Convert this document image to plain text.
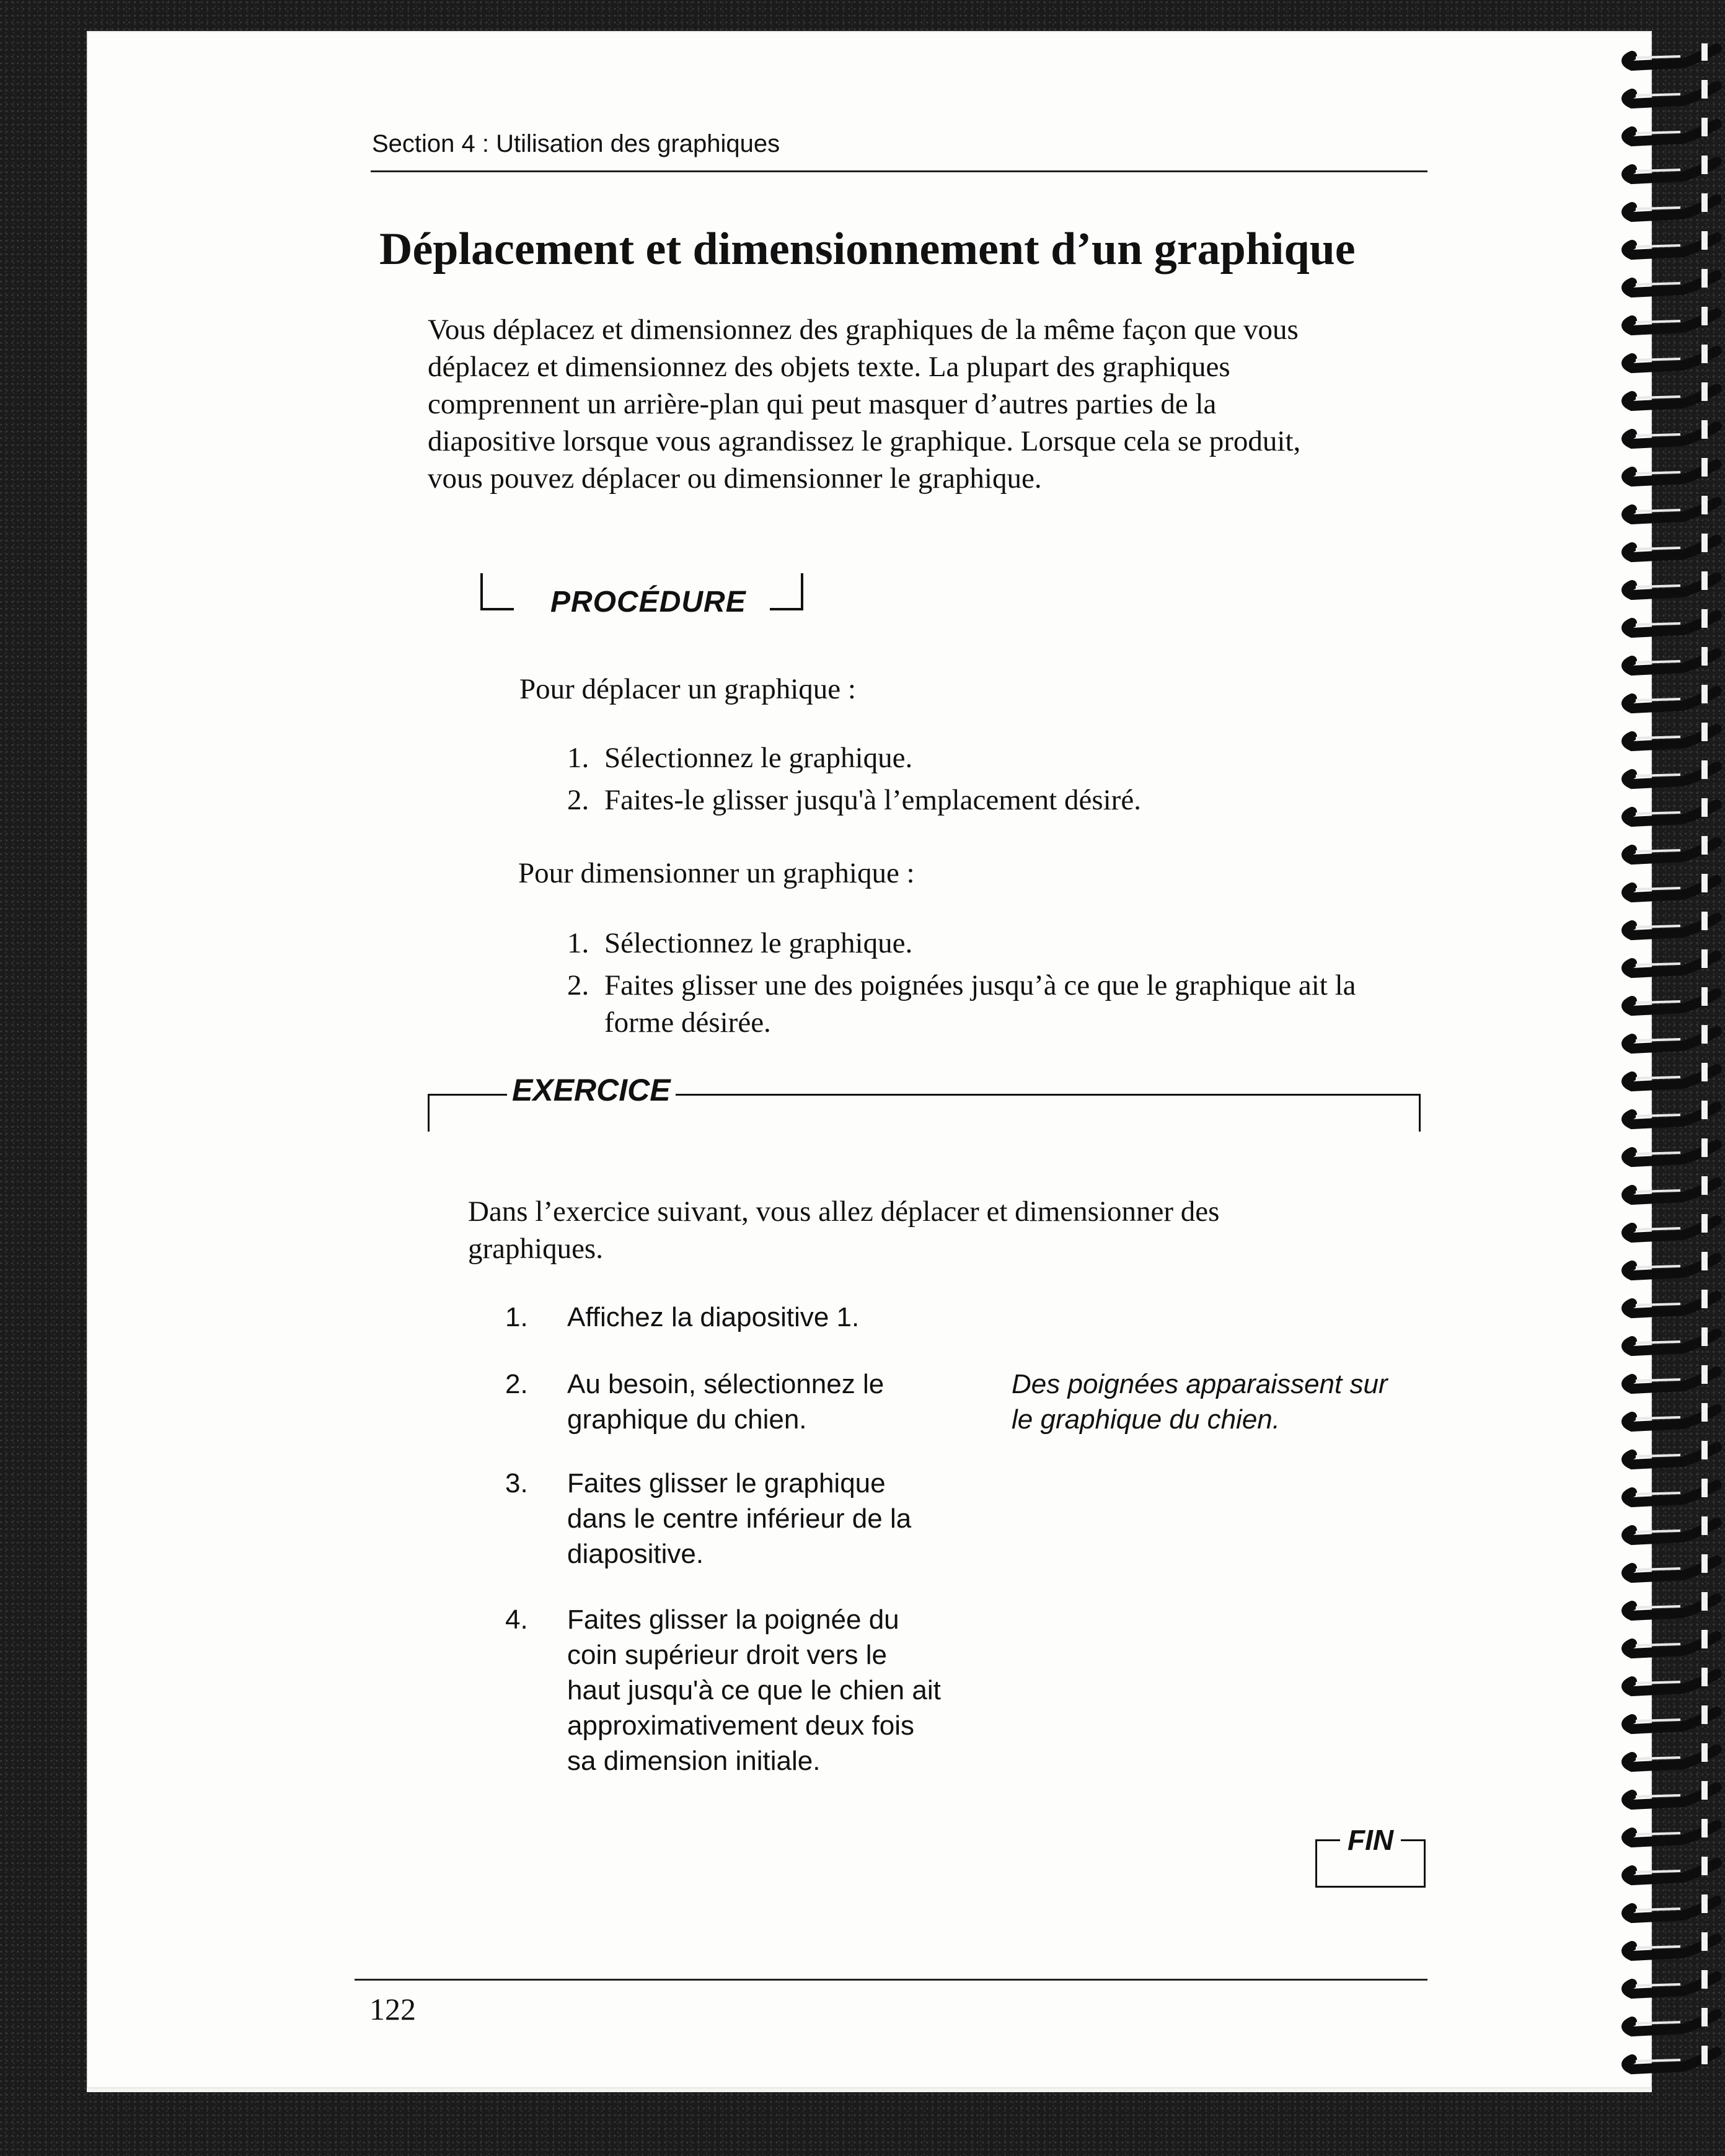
Section 4 : Utilisation des graphiques
Déplacement et dimensionnement d’un graphique

Vous déplacez et dimensionnez des graphiques de la même façon que vous
déplacez et dimensionnez des objets texte. La plupart des graphiques
comprennent un arrière-plan qui peut masquer d’autres parties de la
diapositive lorsque vous agrandissez le graphique. Lorsque cela se produit,
vous pouvez déplacer ou dimensionner le graphique.

PROCÉDURE
Pour déplacer un graphique :
1. Sélectionnez le graphique.
2. Faites-le glisser jusqu'à l’emplacement désiré.
Pour dimensionner un graphique :
1. Sélectionnez le graphique.
2. Faites glisser une des poignées jusqu’à ce que le graphique ait la
forme désirée.
EXERCICE

Dans l’exercice suivant, vous allez déplacer et dimensionner des
graphiques.

1. Affichez la diapositive 1.
2. Au besoin, sélectionnez le
graphique du chien.
3. Faites glisser le graphique
dans le centre inférieur de la
diapositive.
4. Faites glisser la poignée du
coin supérieur droit vers le
haut jusqu'à ce que le chien ait
approximativement deux fois
sa dimension initiale.
Des poignées apparaissent sur
le graphique du chien.
FIN
122
